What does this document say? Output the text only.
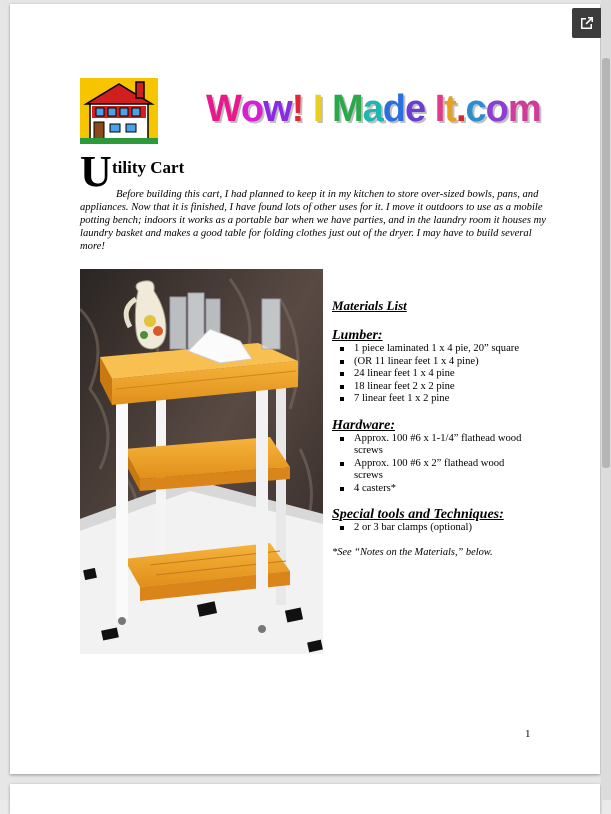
Wow! I Made It.com
U tility Cart
Before building this cart, I had planned to keep it in my kitchen to store over-sized bowls, pans, and appliances. Now that it is finished, I have found lots of other uses for it. I move it outdoors to use as a mobile potting bench; indoors it works as a portable bar when we have parties, and in the laundry room it houses my laundry basket and makes a good table for folding clothes just out of the dryer. I may have to build several more!
Materials List
Lumber:
1 piece laminated 1 x 4 pie, 20” square
(OR 11 linear feet 1 x 4 pine)
24 linear feet 1 x 4 pine
18 linear feet 2 x 2 pine
7 linear feet 1 x 2 pine
Hardware:
Approx. 100 #6 x 1-1/4” flathead wood screws
Approx. 100 #6 x 2” flathead wood screws
4 casters*
Special tools and Techniques:
2 or 3 bar clamps (optional)
*See “Notes on the Materials,” below.
1
